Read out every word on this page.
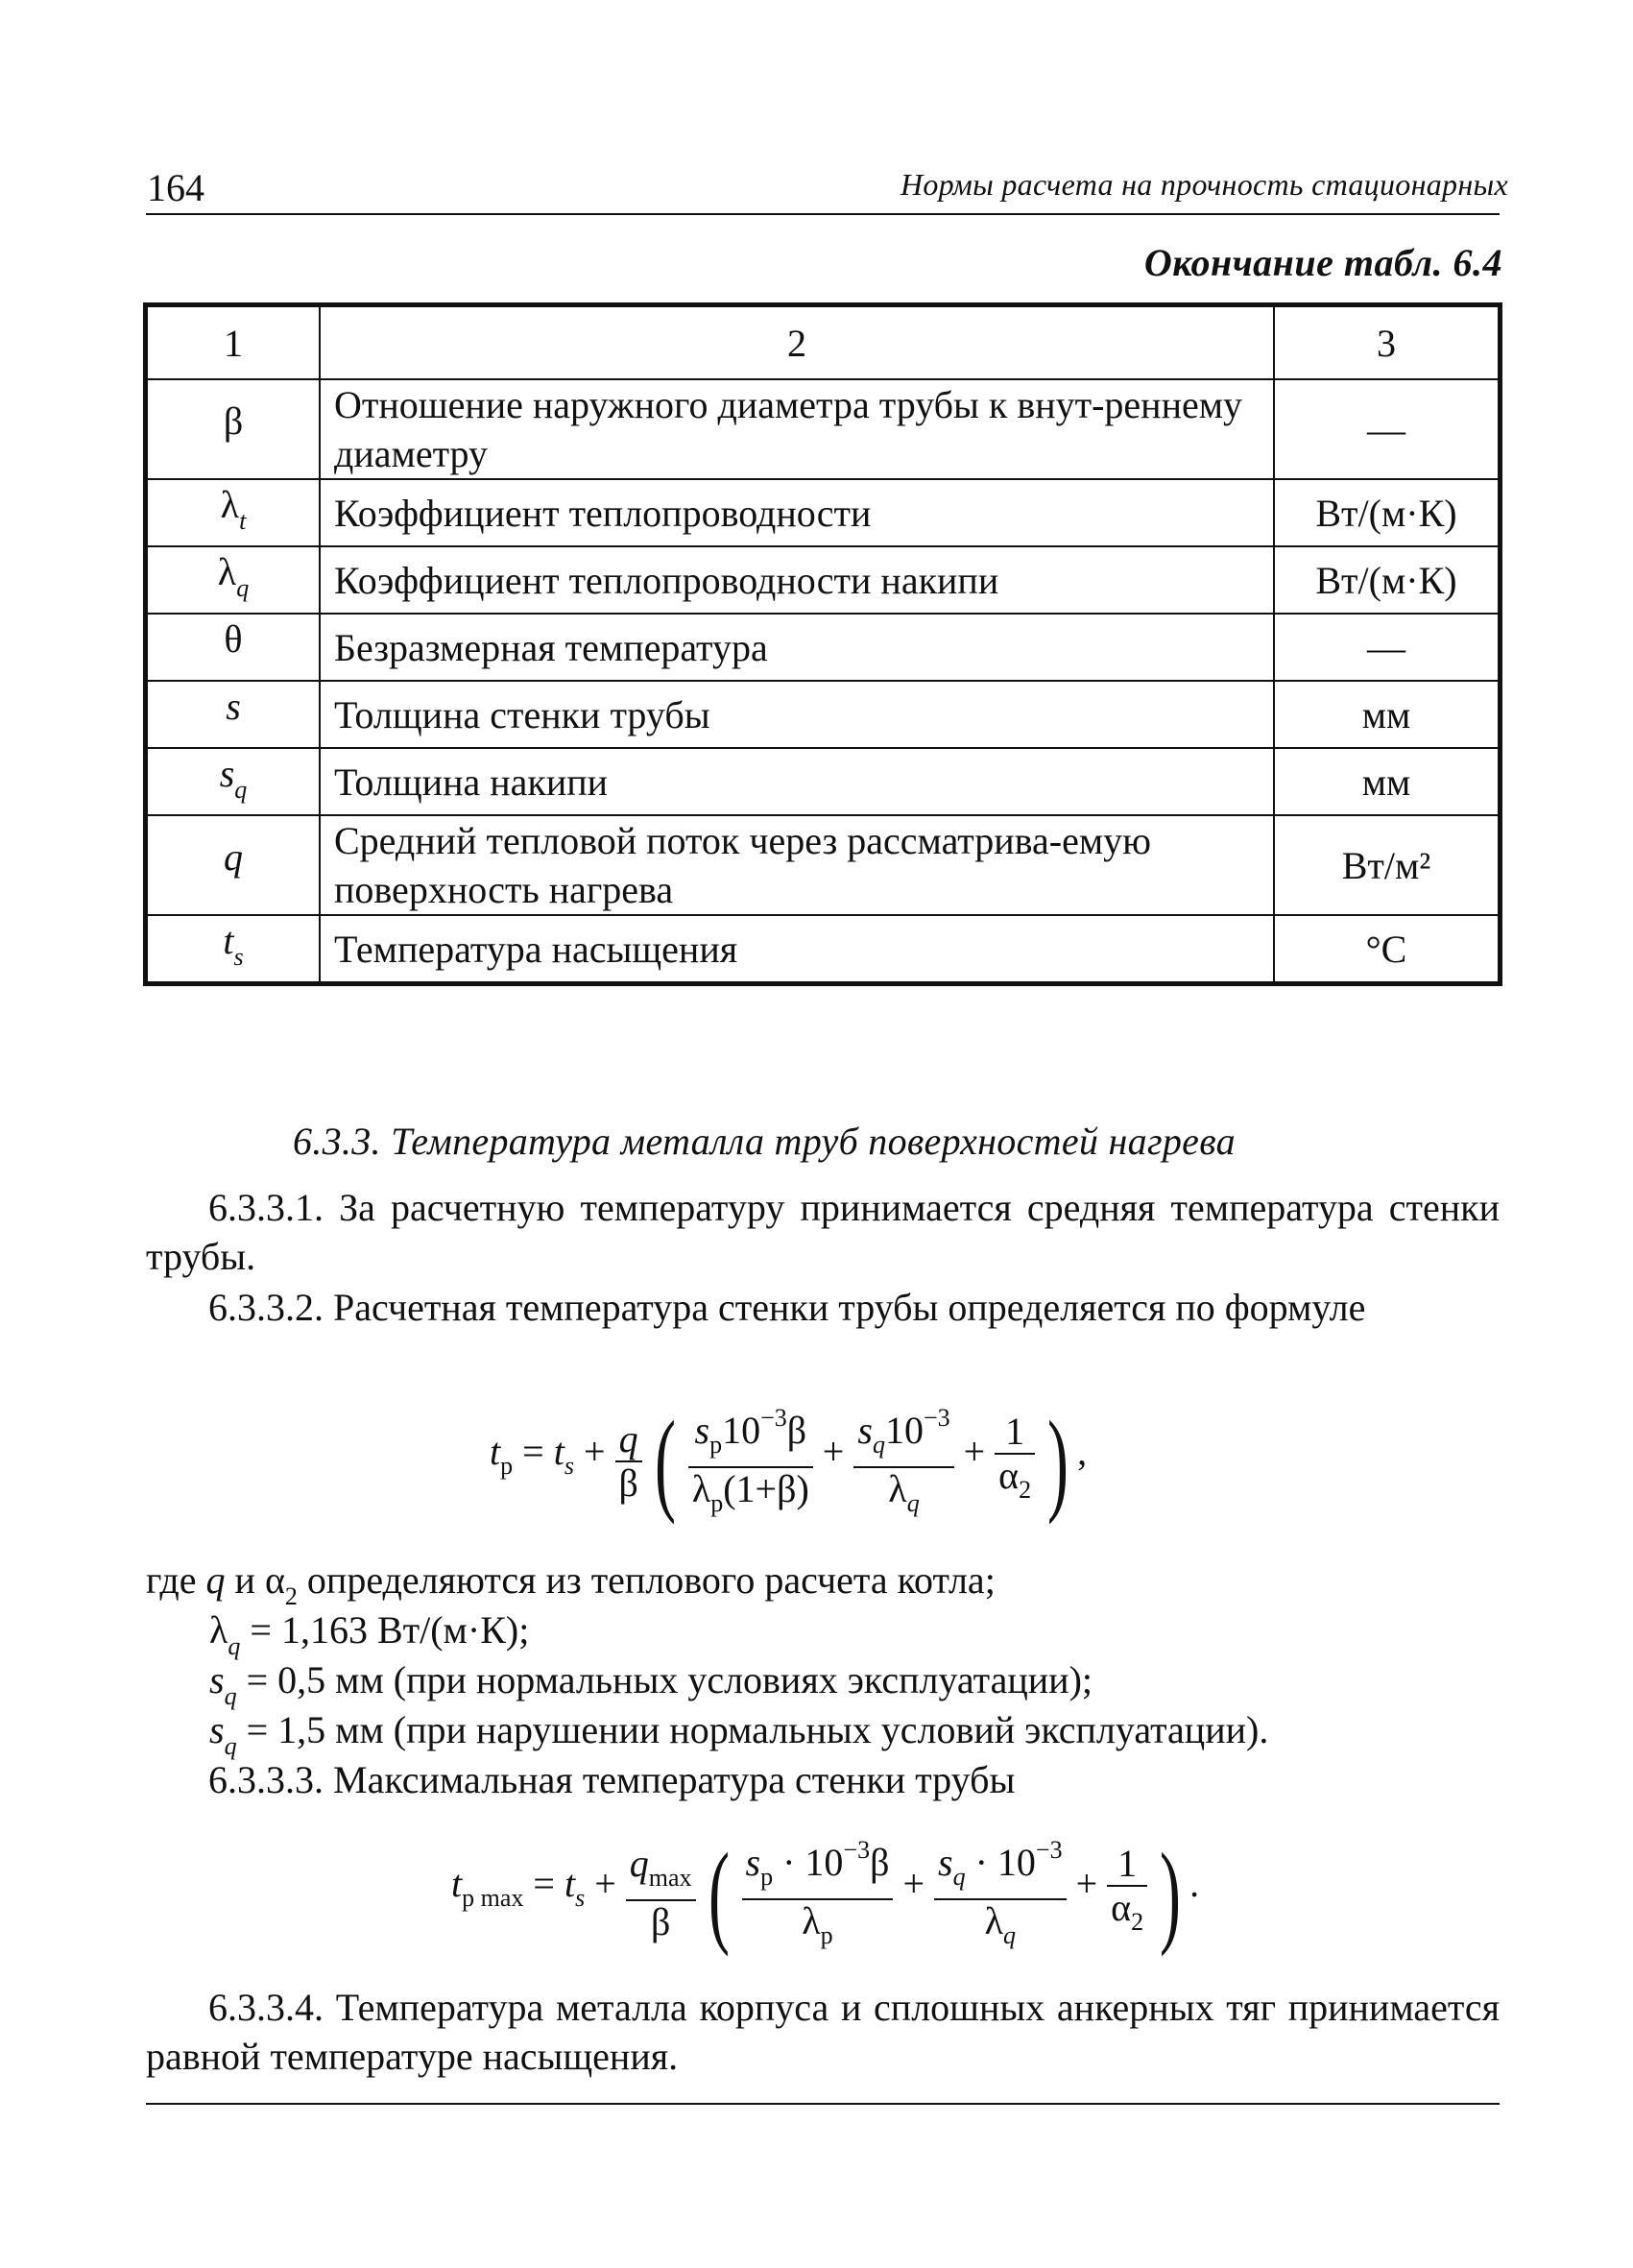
164	Нормы расчета на прочность стационарных
Окончание табл. 6.4
1	2	3
β	Отношение наружного диаметра трубы к внут-реннему диаметру	—
$\lambda_t$	Коэффициент теплопроводности	Вт/(м·К)
$\lambda_q$	Коэффициент теплопроводности накипи	Вт/(м·К)
θ	Безразмерная температура	—
s	Толщина стенки трубы	мм
$s_q$	Толщина накипи	мм
q	Средний тепловой поток через рассматрива-емую поверхность нагрева	Вт/м²
$t_s$	Температура насыщения	°С
6.3.3. Температура металла труб поверхностей нагрева
6.3.3.1. За расчетную температуру принимается средняя температура стенки трубы.
6.3.3.2. Расчетная температура стенки трубы определяется по формуле
tр = ts + $\frac{q}{\beta}$ ( $\frac{s_р10^{-3}\beta}{\lambda_р(1+\beta)} + \frac{s_q10^{-3}}{\lambda_q} + \frac{1}{\alpha_2}$ ) ,
где q и $\alpha_2$ определяются из теплового расчета котла;
$\lambda_q = 1,163$ Вт/(м·К);
$s_q = 0,5$ мм (при нормальных условиях эксплуатации);
$s_q = 1,5$ мм (при нарушении нормальных условий эксплуатации).
6.3.3.3. Максимальная температура стенки трубы
tр max = ts + $\frac{q_{max}}{\beta}$ ( $\frac{s_р \cdot 10^{-3}\beta}{\lambda_р} + \frac{s_q \cdot 10^{-3}}{\lambda_q} + \frac{1}{\alpha_2}$ ) .
6.3.3.4. Температура металла корпуса и сплошных анкерных тяг принимается равной температуре насыщения.
